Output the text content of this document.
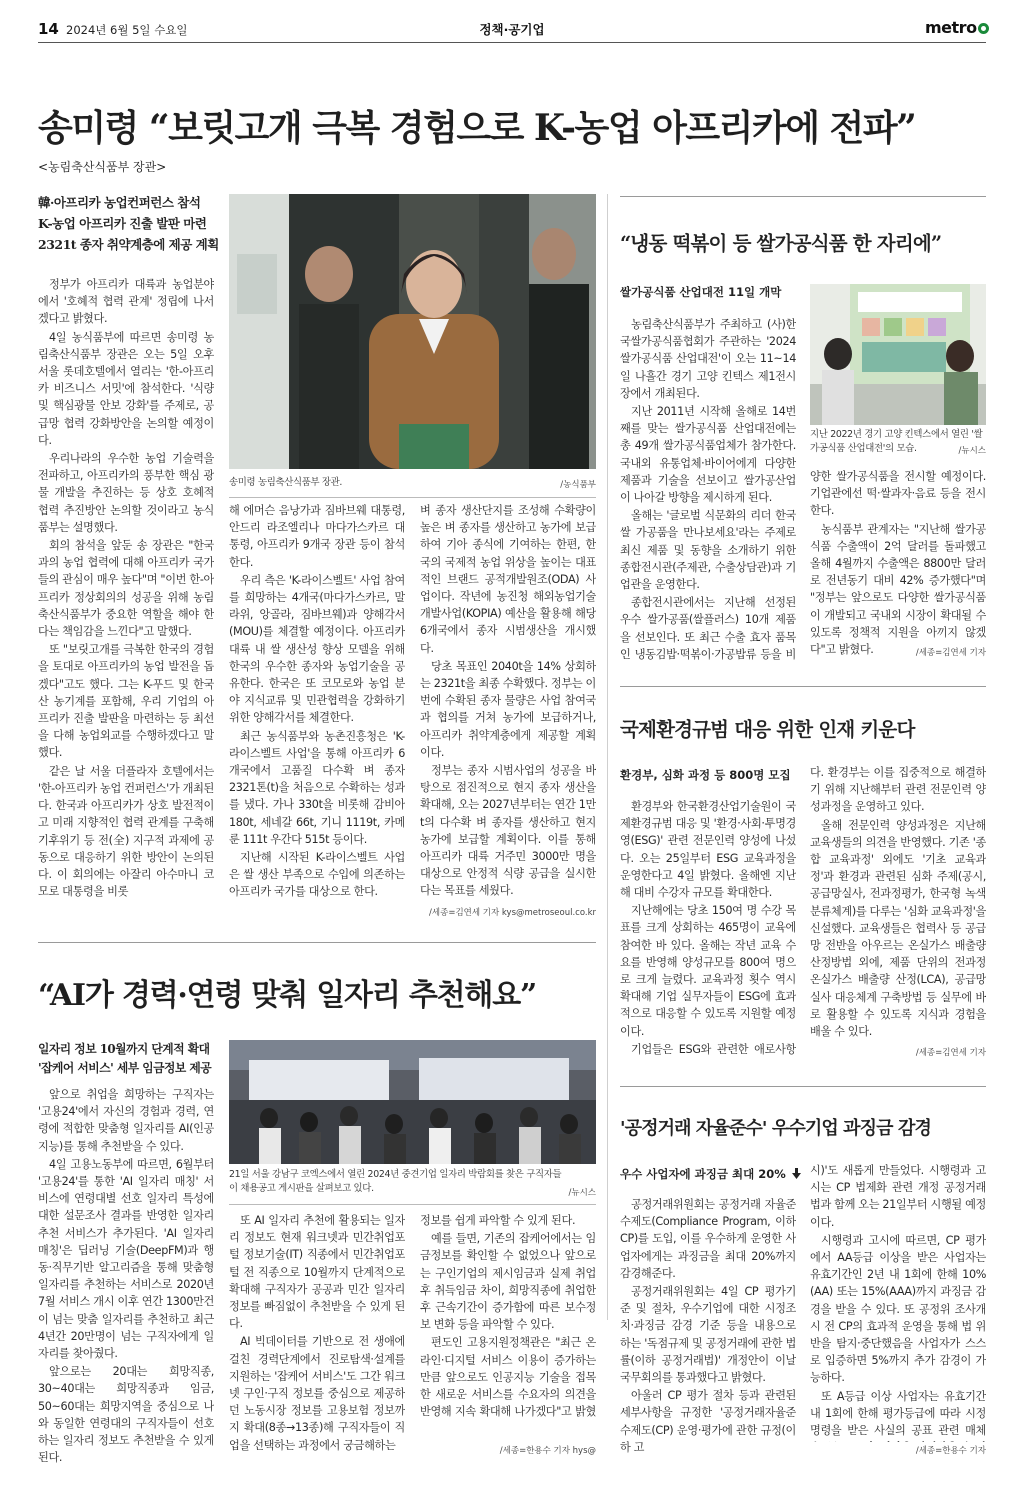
14 2024년 6월 5일 수요일	정책·공기업	metro
송미령 “보릿고개 극복 경험으로 K-농업 아프리카에 전파”
<농림축산식품부 장관>
韓·아프리카 농업컨퍼런스 참석
K-농업 아프리카 진출 발판 마련
2321t 종자 취약계층에 제공 계획

정부가 아프리카 대륙과 농업분야에서 '호혜적 협력 관계' 정립에 나서겠다고 밝혔다.

4일 농식품부에 따르면 송미령 농림축산식품부 장관은 오는 5일 오후 서울 롯데호텔에서 열리는 '한-아프리카 비즈니스 서밋'에 참석한다. '식량 및 핵심광물 안보 강화'를 주제로, 공급망 협력 강화방안을 논의할 예정이다.

우리나라의 우수한 농업 기술력을 전파하고, 아프리카의 풍부한 핵심 광물 개발을 추진하는 등 상호 호혜적 협력 추진방안 논의할 것이라고 농식품부는 설명했다.

회의 참석을 앞둔 송 장관은 "한국과의 농업 협력에 대해 아프리카 국가들의 관심이 매우 높다"며 "이번 한-아프리카 정상회의의 성공을 위해 농림축산식품부가 중요한 역할을 해야 한다는 책임감을 느낀다"고 말했다.

또 "보릿고개를 극복한 한국의 경험을 토대로 아프리카의 농업 발전을 돕겠다"고도 했다. 그는 K-푸드 및 한국산 농기계를 포함해, 우리 기업의 아프리카 진출 발판을 마련하는 등 최선을 다해 농업외교를 수행하겠다고 말했다.

같은 날 서울 더플라자 호텔에서는 '한-아프리카 농업 컨퍼런스'가 개최된다. 한국과 아프리카가 상호 발전적이고 미래 지향적인 협력 관계를 구축해 기후위기 등 전(全) 지구적 과제에 공동으로 대응하기 위한 방안이 논의된다. 이 회의에는 아잘리 아수마니 코모로 대통령을 비롯

송미령 농림축산식품부 장관.	/농식품부

해 에머슨 음낭가과 짐바브웨 대통령, 안드리 라조엘리나 마다가스카르 대통령, 아프리카 9개국 장관 등이 참석한다.

우리 측은 'K-라이스벨트' 사업 참여를 희망하는 4개국(마다가스카르, 말라위, 앙골라, 짐바브웨)과 양해각서(MOU)를 체결할 예정이다. 아프리카 대륙 내 쌀 생산성 향상 모델을 위해 한국의 우수한 종자와 농업기술을 공유한다. 한국은 또 코모로와 농업 분야 지식교류 및 민관협력을 강화하기 위한 양해각서를 체결한다.

최근 농식품부와 농촌진흥청은 'K-라이스벨트 사업'을 통해 아프리카 6개국에서 고품질 다수확 벼 종자 2321톤(t)을 처음으로 수확하는 성과를 냈다. 가나 330t을 비롯해 감비아 180t, 세네갈 66t, 기니 1119t, 카메룬 111t 우간다 515t 등이다.

지난해 시작된 K-라이스벨트 사업은 쌀 생산 부족으로 수입에 의존하는 아프리카 국가를 대상으로 한다.

벼 종자 생산단지를 조성해 수확량이 높은 벼 종자를 생산하고 농가에 보급하여 기아 종식에 기여하는 한편, 한국의 국제적 농업 위상을 높이는 대표적인 브랜드 공적개발원조(ODA) 사업이다. 작년에 농진청 해외농업기술개발사업(KOPIA) 예산을 활용해 해당 6개국에서 종자 시범생산을 개시했다.

당초 목표인 2040t을 14% 상회하는 2321t을 최종 수확했다. 정부는 이번에 수확된 종자 물량은 사업 참여국과 협의를 거쳐 농가에 보급하거나, 아프리카 취약계층에게 제공할 계획이다.

정부는 종자 시범사업의 성공을 바탕으로 점진적으로 현지 종자 생산을 확대해, 오는 2027년부터는 연간 1만t의 다수확 벼 종자를 생산하고 현지 농가에 보급할 계획이다. 이를 통해 아프리카 대륙 거주민 3000만 명을 대상으로 안정적 식량 공급을 실시한다는 목표를 세웠다.

/세종=김연세 기자 kys@metroseoul.co.kr
“냉동 떡볶이 등 쌀가공식품 한 자리에”
쌀가공식품 산업대전 11일 개막

농림축산식품부가 주최하고 (사)한국쌀가공식품협회가 주관하는 '2024 쌀가공식품 산업대전'이 오는 11~14일 나흘간 경기 고양 킨텍스 제1전시장에서 개최된다.

지난 2011년 시작해 올해로 14번째를 맞는 쌀가공식품 산업대전에는 총 49개 쌀가공식품업체가 참가한다. 국내외 유통업체·바이어에게 다양한 제품과 기술을 선보이고 쌀가공산업이 나아갈 방향을 제시하게 된다.

올해는 '글로벌 식문화의 리더 한국쌀 가공품을 만나보세요'라는 주제로 최신 제품 및 동향을 소개하기 위한 종합전시관(주제관, 수출상담관)과 기업관을 운영한다.

종합전시관에서는 지난해 선정된 우수 쌀가공품(쌀플러스) 10개 제품을 선보인다. 또 최근 수출 효자 품목인 냉동김밥·떡볶이·가공밥류 등을 비

지난 2022년 경기 고양 킨텍스에서 열린 '쌀가공식품 산업대전'의 모습.	/뉴시스

양한 쌀가공식품을 전시할 예정이다. 기업관에선 떡·쌀과자·음료 등을 전시한다.

농식품부 관계자는 "지난해 쌀가공식품 수출액이 2억 달러를 돌파했고 올해 4월까지 수출액은 8800만 달러로 전년동기 대비 42% 증가했다"며 "정부는 앞으로도 다양한 쌀가공식품이 개발되고 국내외 시장이 확대될 수 있도록 정책적 지원을 아끼지 않겠다"고 밝혔다.	/세종=김연세 기자
국제환경규범 대응 위한 인재 키운다
환경부, 심화 과정 등 800명 모집

환경부와 한국환경산업기술원이 국제환경규범 대응 및 '환경·사회·투명경영(ESG)' 관련 전문인력 양성에 나섰다. 오는 25일부터 ESG 교육과정을 운영한다고 4일 밝혔다. 올해엔 지난해 대비 수강자 규모를 확대한다.

지난해에는 당초 150여 명 수강 목표를 크게 상회하는 465명이 교육에 참여한 바 있다. 올해는 작년 교육 수요를 반영해 양성규모를 800여 명으로 크게 늘렸다. 교육과정 횟수 역시 확대해 기업 실무자들이 ESG에 효과적으로 대응할 수 있도록 지원할 예정이다.

기업들은 ESG와 관련한 애로사항

다. 환경부는 이를 집중적으로 해결하기 위해 지난해부터 관련 전문인력 양성과정을 운영하고 있다.

올해 전문인력 양성과정은 지난해 교육생들의 의견을 반영했다. 기존 '종합 교육과정' 외에도 '기초 교육과정'과 환경과 관련된 심화 주제(공시, 공급망실사, 전과정평가, 한국형 녹색분류체계)를 다루는 '심화 교육과정'을 신설했다. 교육생들은 협력사 등 공급망 전반을 아우르는 온실가스 배출량 산정방법 외에, 제품 단위의 전과정 온실가스 배출량 산정(LCA), 공급망 실사 대응체계 구축방법 등 실무에 바로 활용할 수 있도록 지식과 경험을 배울 수 있다.

/세종=김연세 기자
“AI가 경력·연령 맞춰 일자리 추천해요”
일자리 정보 10월까지 단계적 확대
'잡케어 서비스' 세부 임금정보 제공

앞으로 취업을 희망하는 구직자는 '고용24'에서 자신의 경험과 경력, 연령에 적합한 맞춤형 일자리를 AI(인공지능)를 통해 추천받을 수 있다.

4일 고용노동부에 따르면, 6월부터 '고용24'를 통한 'AI 일자리 매칭' 서비스에 연령대별 선호 일자리 특성에 대한 설문조사 결과를 반영한 일자리 추천 서비스가 추가된다. 'AI 일자리 매칭'은 딥러닝 기술(DeepFM)과 행동·직무기반 알고리즘을 통해 맞춤형 일자리를 추천하는 서비스로 2020년 7월 서비스 개시 이후 연간 1300만건이 넘는 맞춤 일자리를 추천하고 최근 4년간 20만명이 넘는 구직자에게 일자리를 찾아줬다.

앞으로는 20대는 희망직종, 30~40대는 희망직종과 임금, 50~60대는 희망지역을 중심으로 나와 동일한 연령대의 구직자들이 선호하는 일자리 정보도 추천받을 수 있게 된다.

21일 서울 강남구 코엑스에서 열린 2024년 중견기업 일자리 박람회를 찾은 구직자들이 채용공고 게시판을 살펴보고 있다.	/뉴시스

또 AI 일자리 추천에 활용되는 일자리 정보도 현재 워크넷과 민간취업포털 정보기술(IT) 직종에서 민간취업포털 전 직종으로 10월까지 단계적으로 확대해 구직자가 공공과 민간 일자리 정보를 빠짐없이 추천받을 수 있게 된다.

AI 빅데이터를 기반으로 전 생애에 걸친 경력단계에서 진로탐색·설계를 지원하는 '잡케어 서비스'도 그간 워크넷 구인·구직 정보를 중심으로 제공하던 노동시장 정보를 고용보험 정보까지 확대(8종→13종)해 구직자들이 직업을 선택하는 과정에서 궁금해하는

정보를 쉽게 파악할 수 있게 된다.

예를 들면, 기존의 잡케어에서는 임금정보를 확인할 수 없었으나 앞으로는 구인기업의 제시임금과 실제 취업 후 취득임금 차이, 희망직종에 취업한 후 근속기간이 증가함에 따른 보수정보 변화 등을 파악할 수 있다.

편도인 고용지원정책관은 "최근 온라인·디지털 서비스 이용이 증가하는 만큼 앞으로도 인공지능 기술을 접목한 새로운 서비스를 수요자의 의견을 반영해 지속 확대해 나가겠다"고 밝혔

/세종=한용수 기자 hys@
'공정거래 자율준수' 우수기업 과징금 감경
우수 사업자에 과징금 최대 20%

공정거래위원회는 공정거래 자율준수제도(Compliance Program, 이하 CP)를 도입, 이를 우수하게 운영한 사업자에게는 과징금을 최대 20%까지 감경해준다.

공정거래위원회는 4일 CP 평가기준 및 절차, 우수기업에 대한 시정조치·과징금 감경 기준 등을 내용으로 하는 '독점규제 및 공정거래에 관한 법률(이하 공정거래법)' 개정안이 이날 국무회의를 통과했다고 밝혔다.

아울러 CP 평가 절차 등과 관련된 세부사항을 규정한 '공정거래자율준수제도(CP) 운영·평가에 관한 규정(이하 고

시)'도 새롭게 만들었다. 시행령과 고시는 CP 법제화 관련 개정 공정거래법과 함께 오는 21일부터 시행될 예정이다.

시행령과 고시에 따르면, CP 평가에서 AA등급 이상을 받은 사업자는 유효기간인 2년 내 1회에 한해 10%(AA) 또는 15%(AAA)까지 과징금 감경을 받을 수 있다. 또 공정위 조사개시 전 CP의 효과적 운영을 통해 법 위반을 탐지·중단했음을 사업자가 스스로 입증하면 5%까지 추가 감경이 가능하다.

또 A등급 이상 사업자는 유효기간 내 1회에 한해 평가등급에 따라 시정명령을 받은 사실의 공표 관련 매체

/세종=한용수 기자
